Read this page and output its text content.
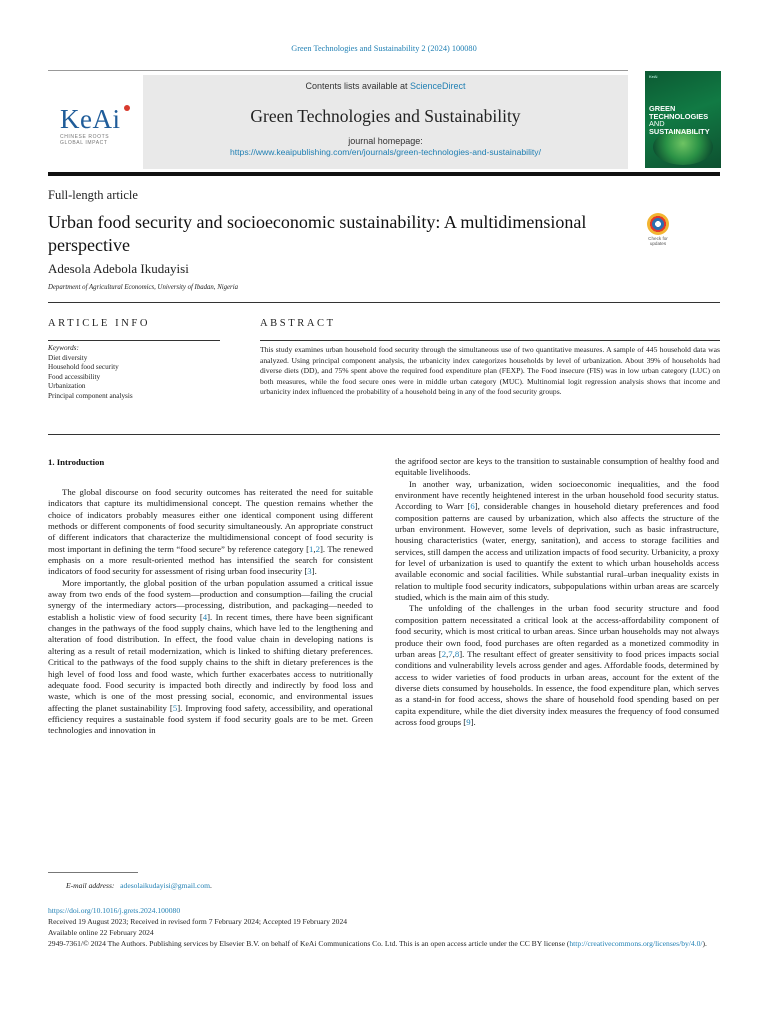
Green Technologies and Sustainability 2 (2024) 100080
KeAi
CHINESE ROOTS
GLOBAL IMPACT
Contents lists available at ScienceDirect
Green Technologies and Sustainability
journal homepage:
https://www.keaipublishing.com/en/journals/green-technologies-and-sustainability/
KeAi
GREEN
TECHNOLOGIES AND
SUSTAINABILITY
Full-length article
Urban food security and socioeconomic sustainability: A multidimensional perspective	Check for
updates
Adesola Adebola Ikudayisi
Department of Agricultural Economics, University of Ibadan, Nigeria
ARTICLE INFO	ABSTRACT
Keywords:
Diet diversity
Household food security
Food accessibility
Urbanization
Principal component analysis
This study examines urban household food security through the simultaneous use of two quantitative measures. A sample of 445 household data was analyzed. Using principal component analysis, the urbanicity index categorizes households by level of urbanization. About 39% of households had diverse diets (DD), and 75% spent above the required food expenditure plan (FEXP). The Food insecure (FIS) was in low urban category (LUC) on both measures, while the food secure ones were in middle urban category (MUC). Multinomial logit regression analysis shows that income and urbanicity index influenced the probability of a household being in any of the food security groups.
1. Introduction

The global discourse on food security outcomes has reiterated the need for suitable indicators that capture its multidimensional concept. The question remains whether the choice of indicators probably measures either one identical component using different methods or different components of food security simultaneously. An appropriate construct of different indicators that characterize the multidimensional concept of food security is most important in defining the term “food secure” by reference category [1,2]. The renewed emphasis on a more result-oriented method has intensified the search for consistent indicators of food security for assessment of rising urban food insecurity [3].

More importantly, the global position of the urban population assumed a critical issue away from two ends of the food system—production and consumption—failing the crucial synergy of the intermediary actors—processing, distribution, and packaging—needed to establish a holistic view of food security [4]. In recent times, there have been significant changes in the pathways of the food supply chains, which have led to the lengthening and alteration of food distribution. In effect, the food value chain in developing nations is altering as a result of retail modernization, which is linked to shifting dietary preferences. Critical to the pathways of the food supply chains to the shift in dietary preferences is the high level of food loss and food waste, which further exacerbates access to nutritionally adequate food. Food security is impacted both directly and indirectly by food loss and waste, which is one of the most pressing social, economic, and environmental issues affecting the planet sustainability [5]. Improving food safety, accessibility, and operational efficiency requires a sustainable food system if food security goals are to be met. Green technologies and innovation in

the agrifood sector are keys to the transition to sustainable consumption of healthy food and equitable livelihoods.

In another way, urbanization, widen socioeconomic inequalities, and the food environment have recently heightened interest in the urban household food security status. According to Warr [6], considerable changes in household dietary preferences and food composition patterns are caused by urbanization, which also affects the structure of the urban environment. However, some levels of deprivation, such as basic infrastructure, housing characteristics (water, energy, sanitation), and access to storage facilities and services, still dampen the access and utilization impacts of food security. Urbanicity, a proxy for level of urbanization is used to quantify the extent to which urban households access available economic and social facilities. While substantial rural–urban inequality exists in relation to multiple food security indicators, subpopulations within urban areas are scarcely studied, which is the main aim of this study.

The unfolding of the challenges in the urban food security structure and food composition pattern necessitated a critical look at the access-affordability component of food security, which is most critical to urban areas. Since urban households may not always produce their own food, food purchases are often regarded as a monetized commodity in urban areas [2,7,8]. The resultant effect of greater sensitivity to food prices impacts social conditions and vulnerability levels across gender and ages. Affordable foods, determined by access to wider varieties of food products in urban areas, account for the extent of the diverse diets consumed by households. In essence, the food expenditure plan, which serves as a stand-in for food access, shows the share of household food spending based on per capita expenditure, while the diet diversity index measures the frequency of food consumed across food groups [9].

E-mail address: adesolaikudayisi@gmail.com.
https://doi.org/10.1016/j.grets.2024.100080
Received 19 August 2023; Received in revised form 7 February 2024; Accepted 19 February 2024
Available online 22 February 2024
2949-7361/© 2024 The Authors. Publishing services by Elsevier B.V. on behalf of KeAi Communications Co. Ltd. This is an open access article under the CC BY license (http://creativecommons.org/licenses/by/4.0/).
